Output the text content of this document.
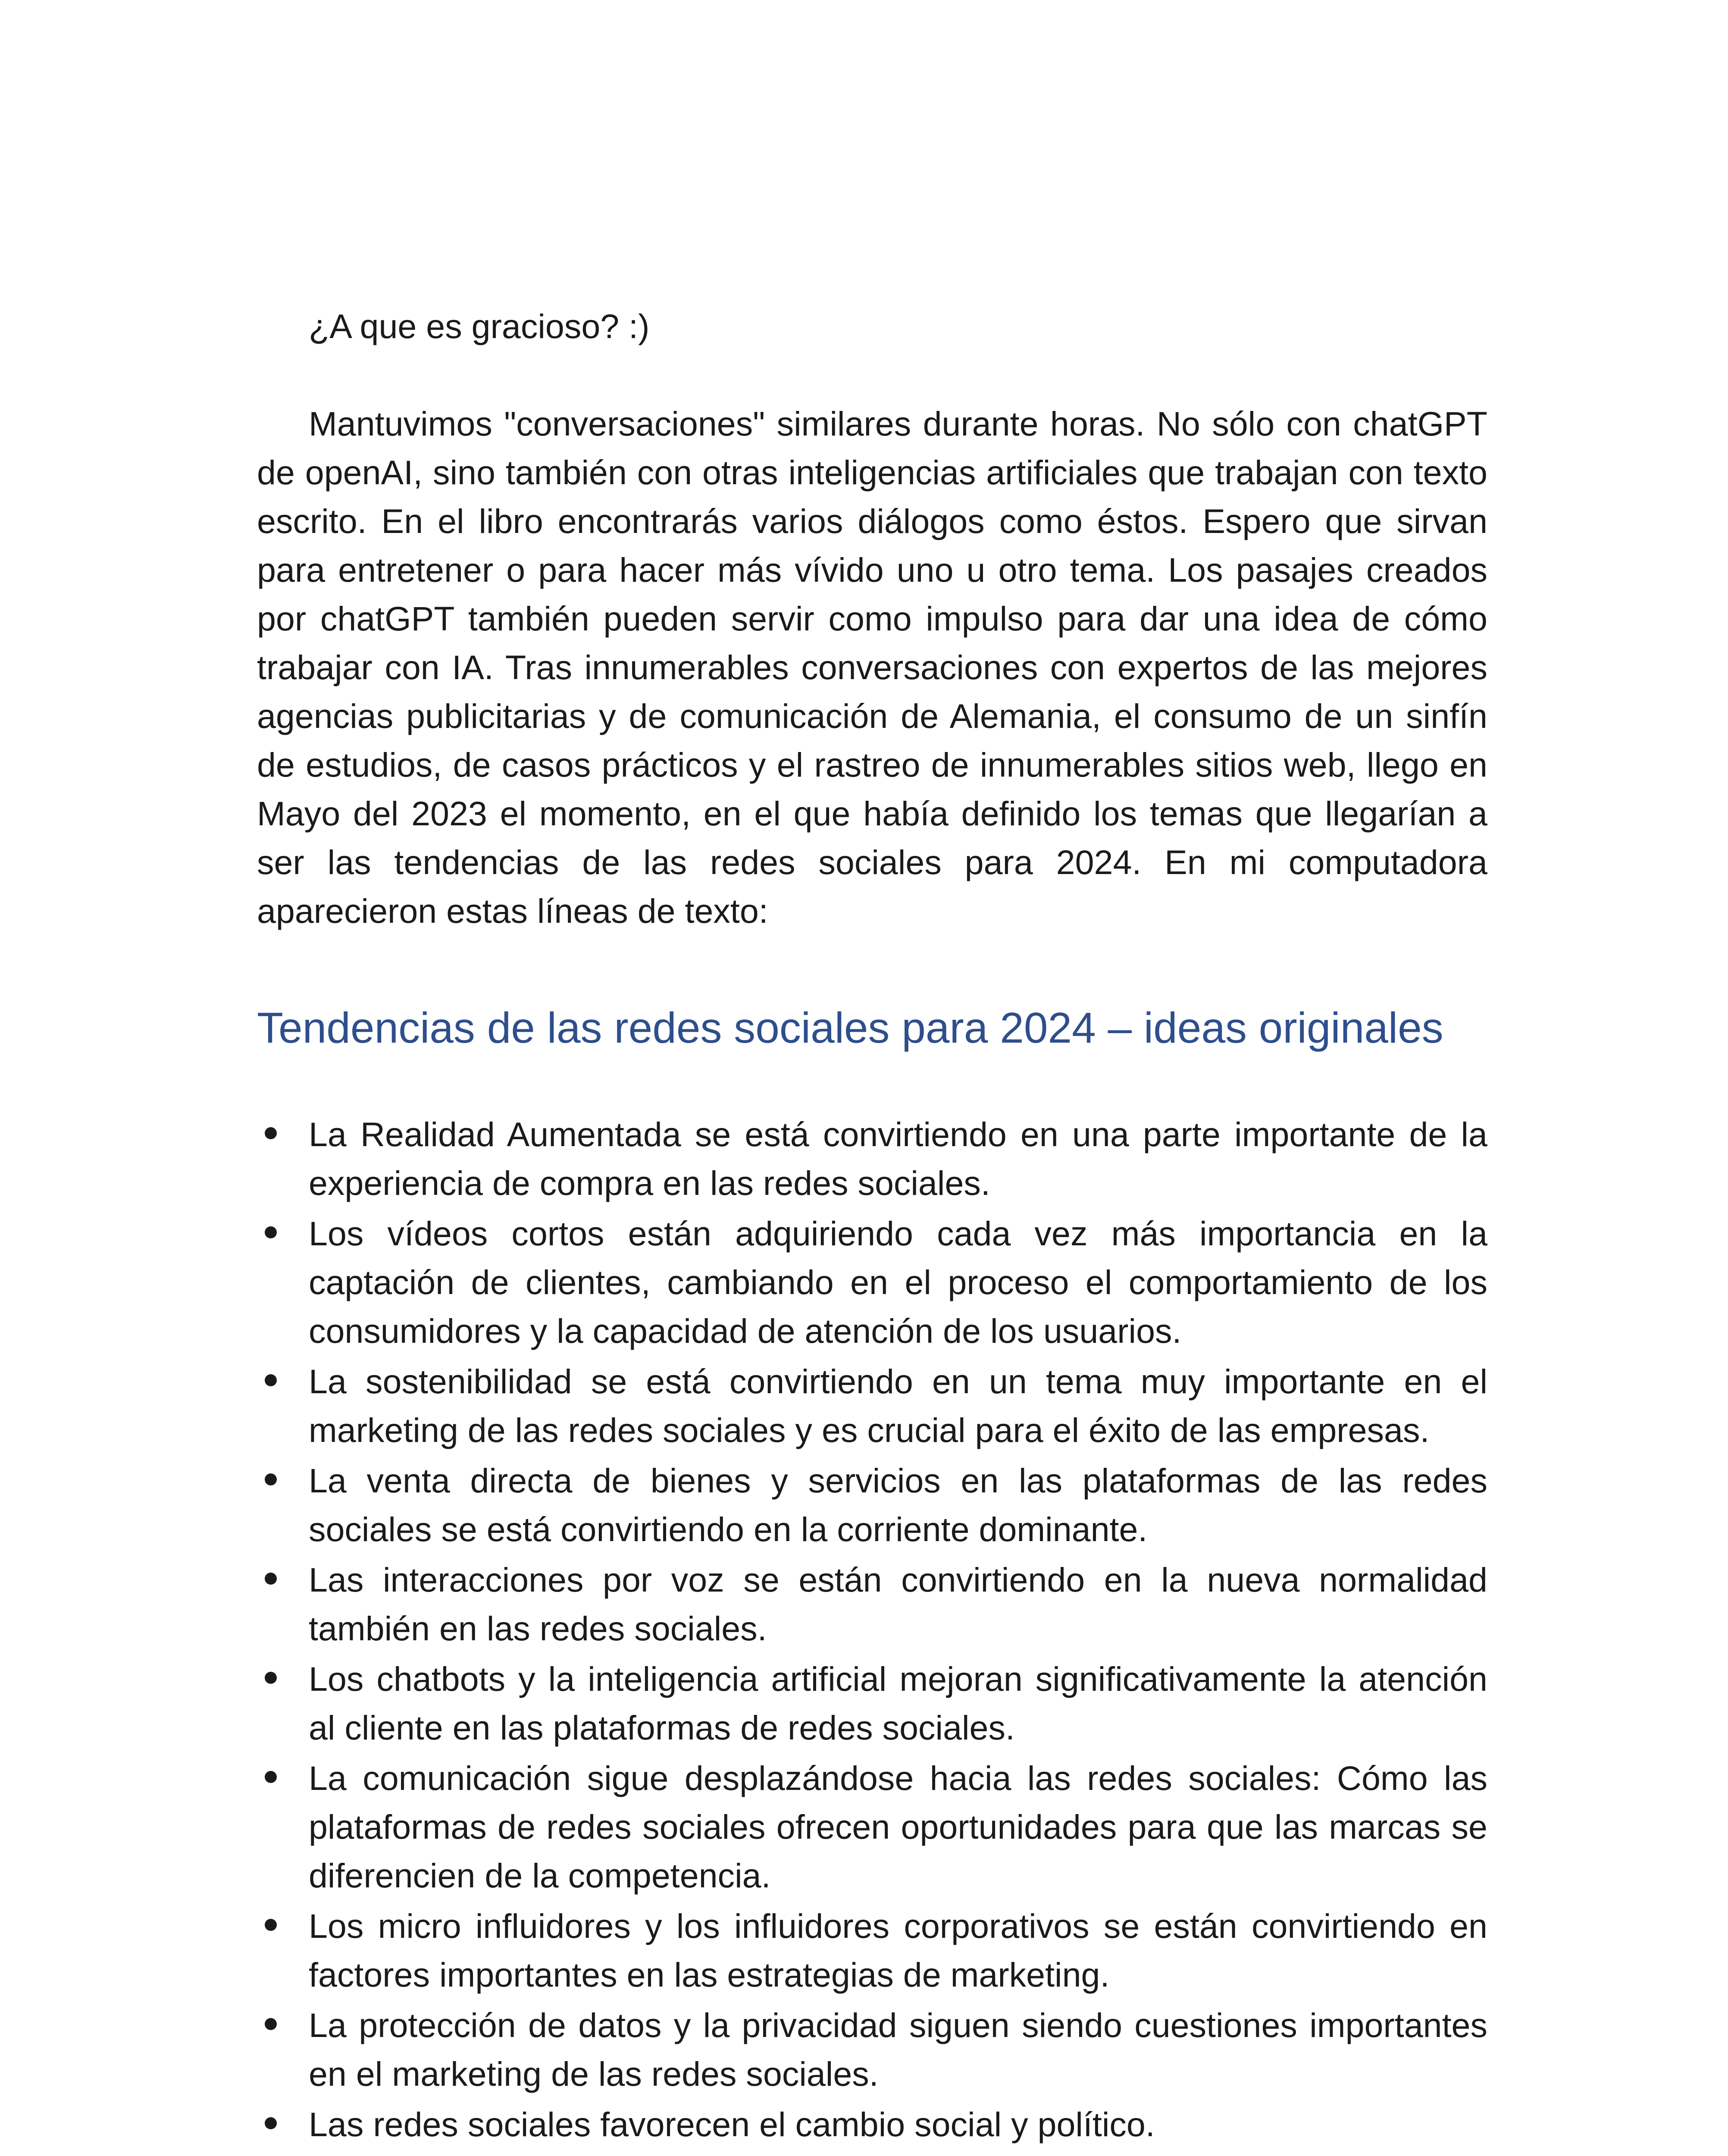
¿A que es gracioso? :)

Mantuvimos "conversaciones" similares durante horas. No sólo con chatGPT de openAI, sino también con otras inteligencias artificiales que trabajan con texto escrito. En el libro encontrarás varios diálogos como éstos. Espero que sirvan para entretener o para hacer más vívido uno u otro tema. Los pasajes creados por chatGPT también pueden servir como impulso para dar una idea de cómo trabajar con IA. Tras innumerables conversaciones con expertos de las mejores agencias publicitarias y de comunicación de Alemania, el consumo de un sinfín de estudios, de casos prácticos y el rastreo de innumerables sitios web, llego en Mayo del 2023 el momento, en el que había definido los temas que llegarían a ser las tendencias de las redes sociales para 2024. En mi computadora aparecieron estas líneas de texto:

Tendencias de las redes sociales para 2024 – ideas originales
La Realidad Aumentada se está convirtiendo en una parte importante de la experiencia de compra en las redes sociales.
Los vídeos cortos están adquiriendo cada vez más importancia en la captación de clientes, cambiando en el proceso el comportamiento de los consumidores y la capacidad de atención de los usuarios.
La sostenibilidad se está convirtiendo en un tema muy importante en el marketing de las redes sociales y es crucial para el éxito de las empresas.
La venta directa de bienes y servicios en las plataformas de las redes sociales se está convirtiendo en la corriente dominante.
Las interacciones por voz se están convirtiendo en la nueva normalidad también en las redes sociales.
Los chatbots y la inteligencia artificial mejoran significativamente la atención al cliente en las plataformas de redes sociales.
La comunicación sigue desplazándose hacia las redes sociales: Cómo las plataformas de redes sociales ofrecen oportunidades para que las marcas se diferencien de la competencia.
Los micro influidores y los influidores corporativos se están convirtiendo en factores importantes en las estrategias de marketing.
La protección de datos y la privacidad siguen siendo cuestiones importantes en el marketing de las redes sociales.
Las redes sociales favorecen el cambio social y político.
